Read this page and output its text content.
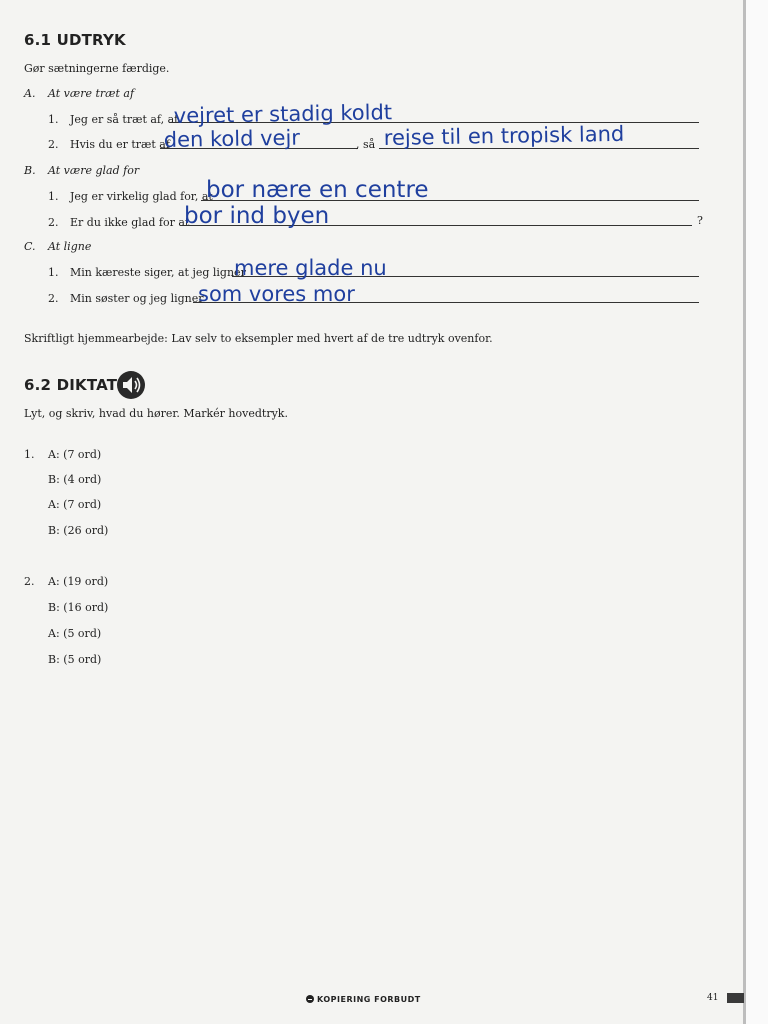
6.1 UDTRYK
Gør sætningerne færdige.
A. At være træt af
1. Jeg er så træt af, at
vejret er stadig koldt
2. Hvis du er træt af
den kold vejr	, så rejse til en tropisk land
B. At være glad for
1. Jeg er virkelig glad for, at
bor nære en centre
2. Er du ikke glad for at
bor ind byen	?
C. At ligne
1. Min kæreste siger, at jeg ligner
mere glade nu
2. Min søster og jeg ligner
som vores mor
Skriftligt hjemmearbejde: Lav selv to eksempler med hvert af de tre udtryk ovenfor.
6.2 DIKTAT
Lyt, og skriv, hvad du hører. Markér hovedtryk.
1. A: (7 ord)
B: (4 ord)
A: (7 ord)
B: (26 ord)
2. A: (19 ord)
B: (16 ord)
A: (5 ord)
B: (5 ord)
KOPIERING FORBUDT	41
